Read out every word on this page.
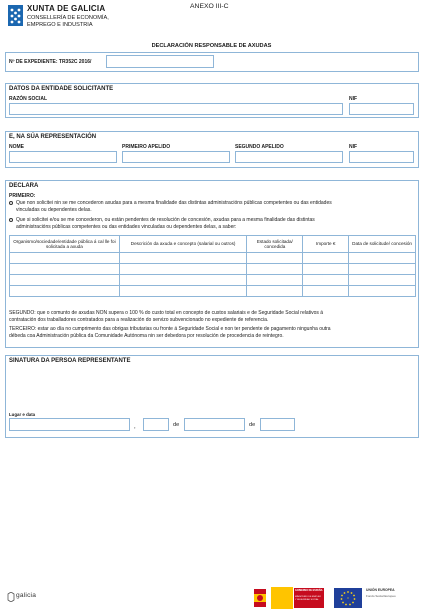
XUNTA DE GALICIA
CONSELLERÍA DE ECONOMÍA,
EMPREGO E INDUSTRIA
ANEXO III-C
DECLARACIÓN RESPONSABLE DE AXUDAS
Nº DE EXPEDIENTE: TR352C 2016/
DATOS DA ENTIDADE SOLICITANTE
RAZÓN SOCIAL	NIF
E, NA SÚA REPRESENTACIÓN
NOME	PRIMEIRO APELIDO	SEGUNDO APELIDO	NIF
DECLARA
PRIMEIRO:
Que non solicitei nin se me concederon axudas para a mesma finalidade das distintas administracións públicas competentes ou das entidades
vinculadas ou dependentes delas.
Que si solicitei e/ou se me concederon, ou están pendentes de resolución de concesión, axudas para a mesma finalidade das distintas
administracións públicas competentes ou das entidades vinculadas ou dependentes delas, a saber:
Organismo/sociedade/entidade pública á cal lle foi solicitada a axuda	Descrición da axuda e concepto (salarial ou outros)	Estado solicitada/ concedida	Importe €	Data de solicitude/ concesión

SEGUNDO: que o comunto de axudas NON supera o 100 % do custo total en concepto de custos salariais e de Seguridade Social relativos á
contratación dos traballadores contratados para a realización do servizo subvencionado no expediente de referencia.
TERCEIRO: estar ao día no cumprimento das obrigas tributarias ou fronte á Seguridade Social e non ter pendente de pagamento ningunha outra
débeda coa Administración pública da Comunidade Autónoma nin ser debedora por resolución de procedencia de reintegro.
SINATURA DA PERSOA REPRESENTANTE
Lugar e data
,	de	de
galicia
GOBIERNO DE ESPAÑA
MINISTERIO DE EMPLEO Y SEGURIDAD SOCIAL
UNIÓN EUROPEA
Fondo Social Europeo
